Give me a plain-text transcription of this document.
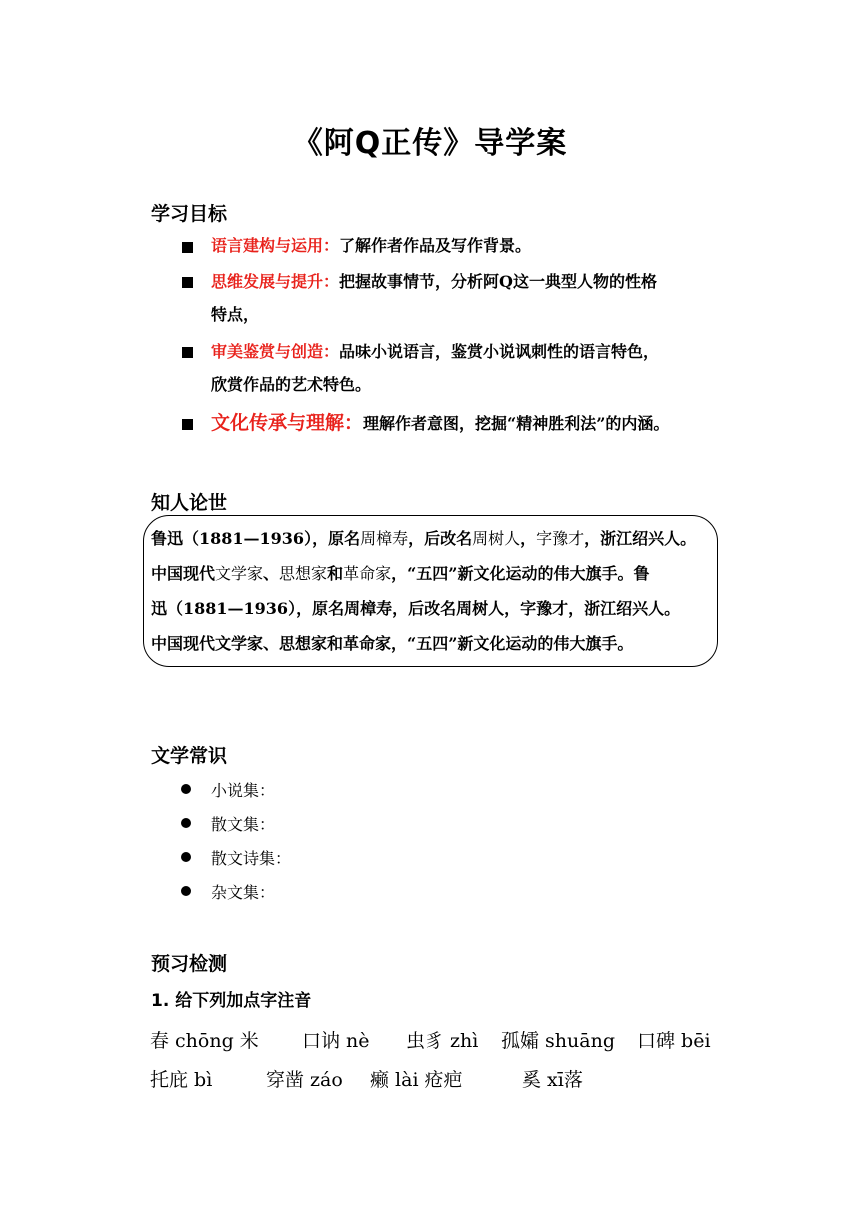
《阿Q正传》导学案
学习目标
语言建构与运用：了解作者作品及写作背景。
思维发展与提升：把握故事情节，分析阿Q这一典型人物的性格
特点，
审美鉴赏与创造：品味小说语言，鉴赏小说讽刺性的语言特色，
欣赏作品的艺术特色。
文化传承与理解：理解作者意图，挖掘“精神胜利法”的内涵。
知人论世
鲁迅（1881—1936），原名周樟寿，后改名周树人，字豫才，浙江绍兴人。
中国现代文学家、思想家和革命家，“五四”新文化运动的伟大旗手。鲁
迅（1881—1936），原名周樟寿，后改名周树人，字豫才，浙江绍兴人。
中国现代文学家、思想家和革命家，“五四”新文化运动的伟大旗手。
文学常识
小说集：
散文集：
散文诗集：
杂文集：
预习检测
1. 给下列加点字注音
春 chōng 米 口讷 nè 虫豸 zhì 孤孀 shuāng 口碑 bēi
托庇 bì	穿凿 záo 癞 lài 疮疤	奚 xī落
